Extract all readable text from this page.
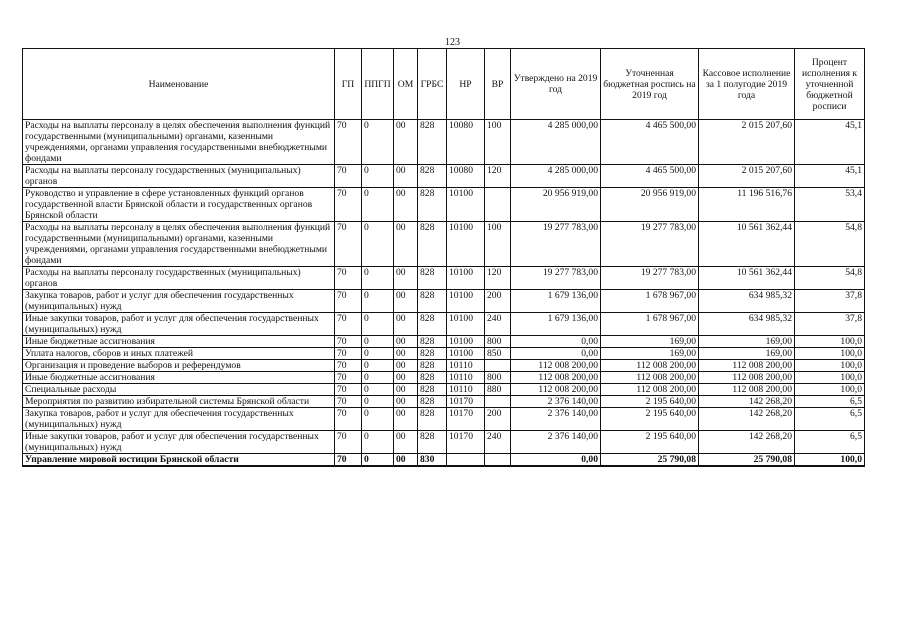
123
Наименование	ГП	ППГП	ОМ	ГРБС	НР	ВР	Утверждено на 2019 год	Уточненная бюджетная роспись на 2019 год	Кассовое исполнение за 1 полугодие 2019 года	Процент исполнения к уточненной бюджетной росписи
Расходы на выплаты персоналу в целях обеспечения выполнения функций государственными (муниципальными) органами, казенными учреждениями, органами управления государственными внебюджетными фондами	70	0	00	828	10080	100	4 285 000,00	4 465 500,00	2 015 207,60	45,1
Расходы на выплаты персоналу государственных (муниципальных) органов	70	0	00	828	10080	120	4 285 000,00	4 465 500,00	2 015 207,60	45,1
Руководство и управление в сфере установленных функций органов государственной власти Брянской области и государственных органов Брянской области	70	0	00	828	10100		20 956 919,00	20 956 919,00	11 196 516,76	53,4
Расходы на выплаты персоналу в целях обеспечения выполнения функций государственными (муниципальными) органами, казенными учреждениями, органами управления государственными внебюджетными фондами	70	0	00	828	10100	100	19 277 783,00	19 277 783,00	10 561 362,44	54,8
Расходы на выплаты персоналу государственных (муниципальных) органов	70	0	00	828	10100	120	19 277 783,00	19 277 783,00	10 561 362,44	54,8
Закупка товаров, работ и услуг для обеспечения государственных (муниципальных) нужд	70	0	00	828	10100	200	1 679 136,00	1 678 967,00	634 985,32	37,8
Иные закупки товаров, работ и услуг для обеспечения государственных (муниципальных) нужд	70	0	00	828	10100	240	1 679 136,00	1 678 967,00	634 985,32	37,8
Иные бюджетные ассигнования	70	0	00	828	10100	800	0,00	169,00	169,00	100,0
Уплата налогов, сборов и иных платежей	70	0	00	828	10100	850	0,00	169,00	169,00	100,0
Организация и проведение выборов и референдумов	70	0	00	828	10110		112 008 200,00	112 008 200,00	112 008 200,00	100,0
Иные бюджетные ассигнования	70	0	00	828	10110	800	112 008 200,00	112 008 200,00	112 008 200,00	100,0
Специальные расходы	70	0	00	828	10110	880	112 008 200,00	112 008 200,00	112 008 200,00	100,0
Мероприятия по развитию избирательной системы Брянской области	70	0	00	828	10170		2 376 140,00	2 195 640,00	142 268,20	6,5
Закупка товаров, работ и услуг для обеспечения государственных (муниципальных) нужд	70	0	00	828	10170	200	2 376 140,00	2 195 640,00	142 268,20	6,5
Иные закупки товаров, работ и услуг для обеспечения государственных (муниципальных) нужд	70	0	00	828	10170	240	2 376 140,00	2 195 640,00	142 268,20	6,5
Управление мировой юстиции Брянской области	70	0	00	830			0,00	25 790,08	25 790,08	100,0
